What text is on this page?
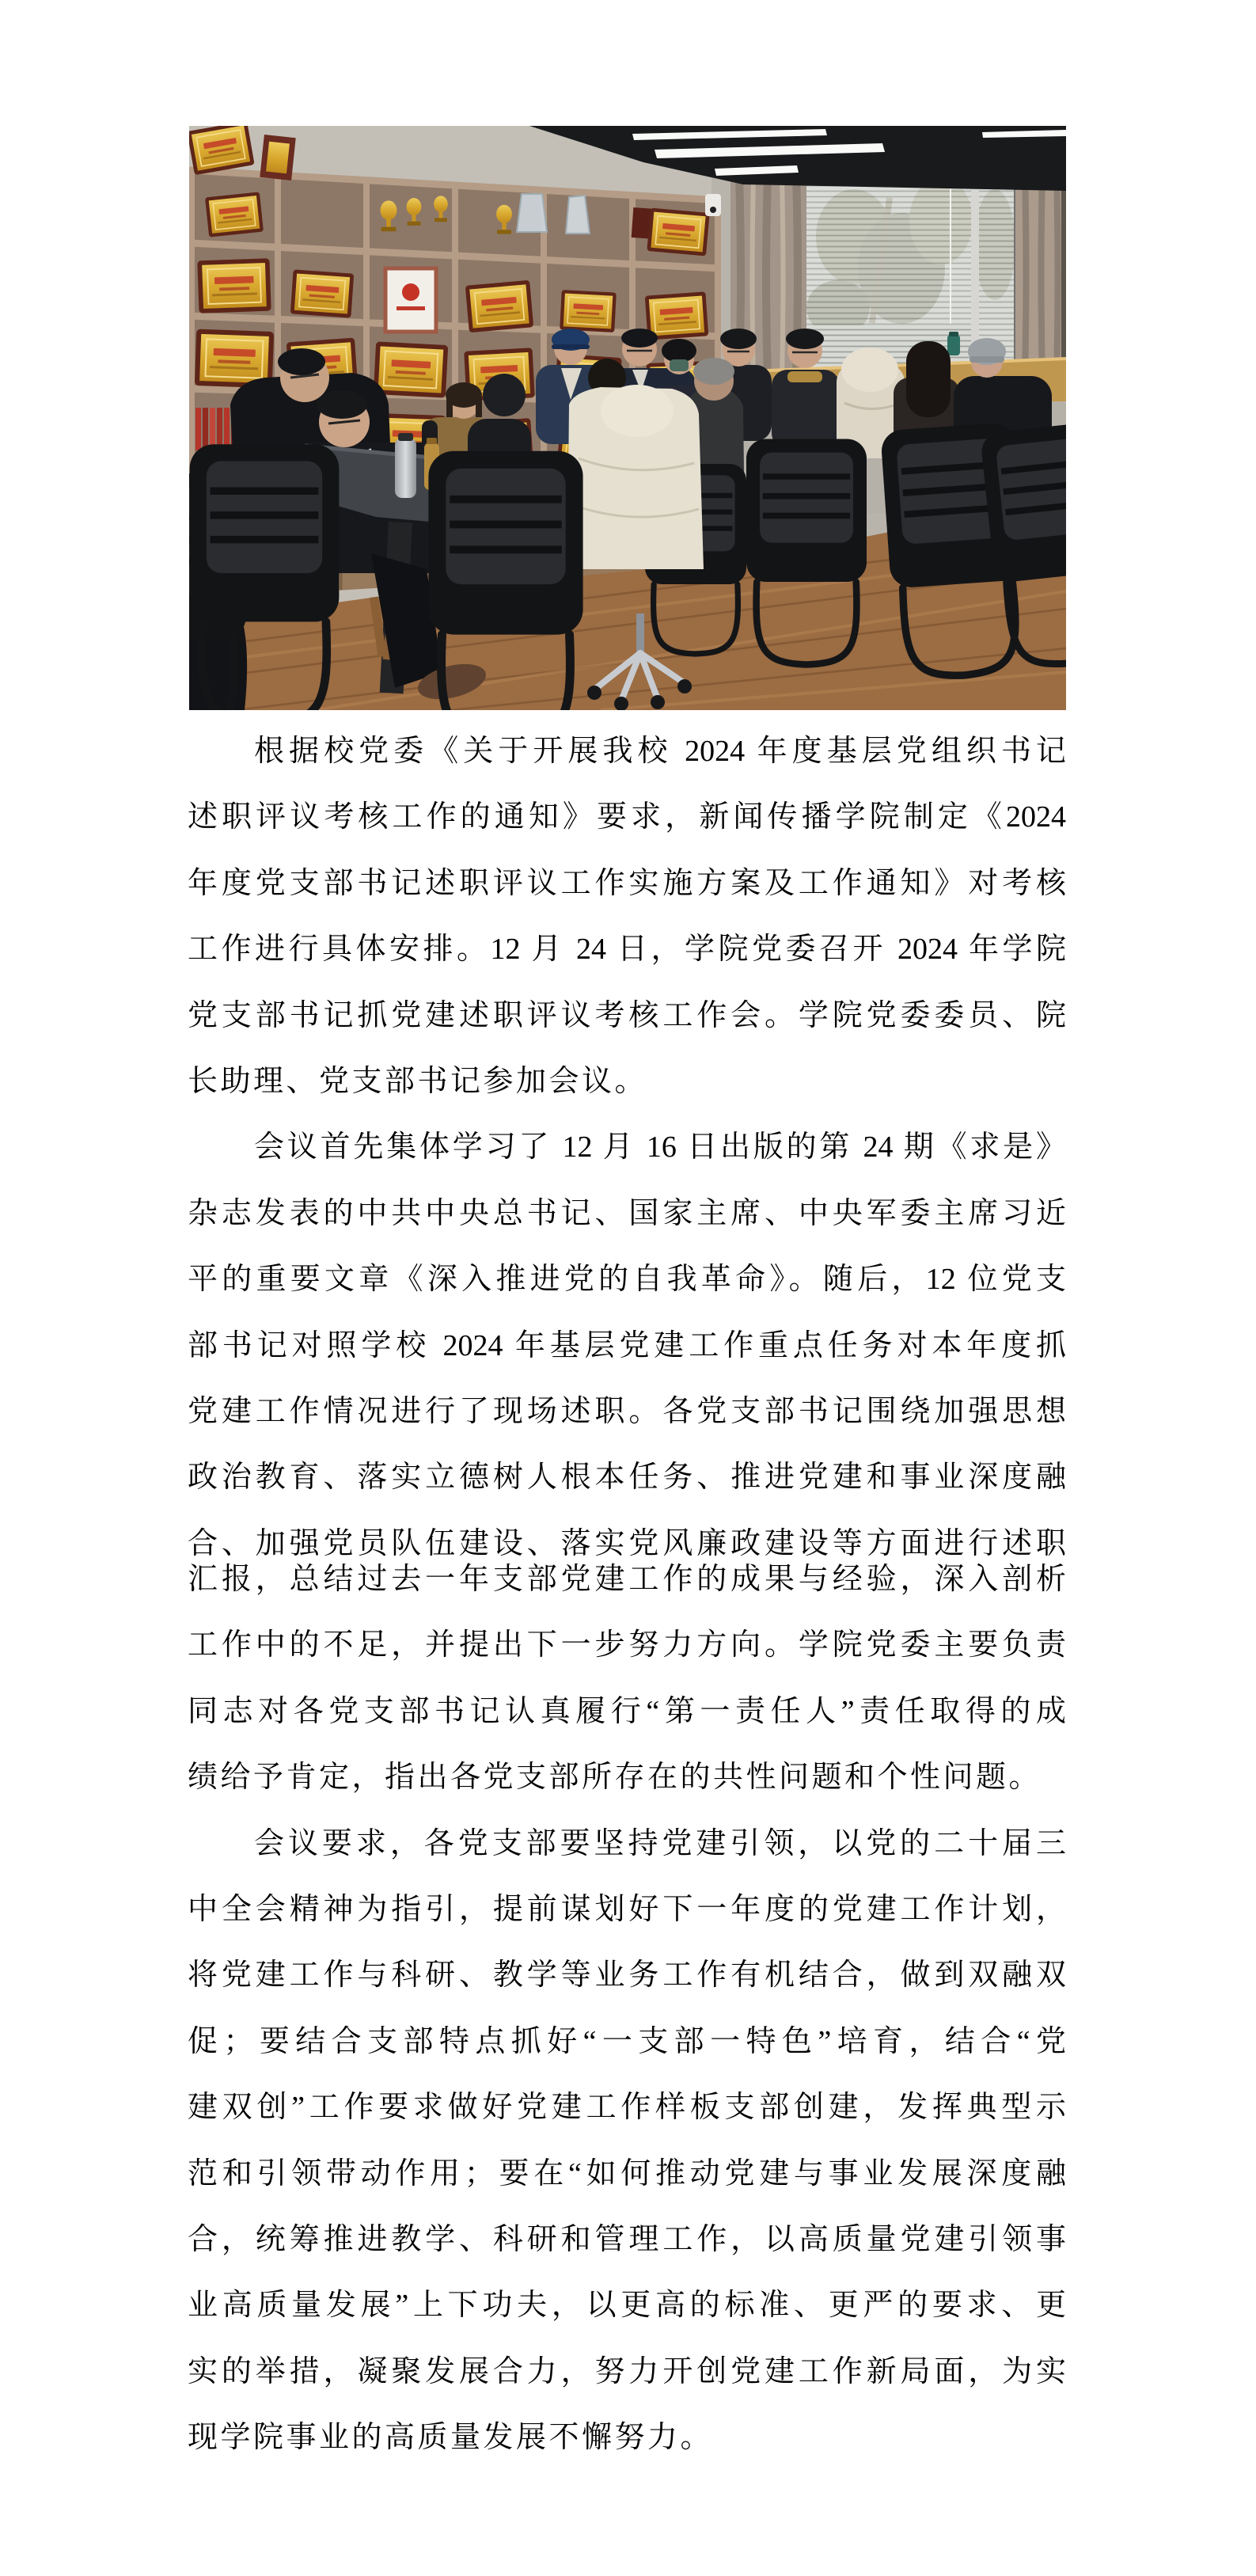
根据校党委《关于开展我校 2024 年度基层党组织书记
述职评议考核工作的通知》要求，新闻传播学院制定《2024
年度党支部书记述职评议工作实施方案及工作通知》对考核
工作进行具体安排。12 月 24 日，学院党委召开 2024 年学院
党支部书记抓党建述职评议考核工作会。学院党委委员、院
长助理、党支部书记参加会议。
会议首先集体学习了 12 月 16 日出版的第 24 期《求是》
杂志发表的中共中央总书记、国家主席、中央军委主席习近
平的重要文章《深入推进党的自我革命》。随后，12 位党支
部书记对照学校 2024 年基层党建工作重点任务对本年度抓
党建工作情况进行了现场述职。各党支部书记围绕加强思想
政治教育、落实立德树人根本任务、推进党建和事业深度融
合、加强党员队伍建设、落实党风廉政建设等方面进行述职
汇报，总结过去一年支部党建工作的成果与经验，深入剖析
工作中的不足，并提出下一步努力方向。学院党委主要负责
同志对各党支部书记认真履行“第一责任人”责任取得的成
绩给予肯定，指出各党支部所存在的共性问题和个性问题。
会议要求，各党支部要坚持党建引领，以党的二十届三
中全会精神为指引，提前谋划好下一年度的党建工作计划，
将党建工作与科研、教学等业务工作有机结合，做到双融双
促；要结合支部特点抓好“一支部一特色”培育，结合“党
建双创”工作要求做好党建工作样板支部创建，发挥典型示
范和引领带动作用；要在“如何推动党建与事业发展深度融
合，统筹推进教学、科研和管理工作，以高质量党建引领事
业高质量发展”上下功夫，以更高的标准、更严的要求、更
实的举措，凝聚发展合力，努力开创党建工作新局面，为实
现学院事业的高质量发展不懈努力。
